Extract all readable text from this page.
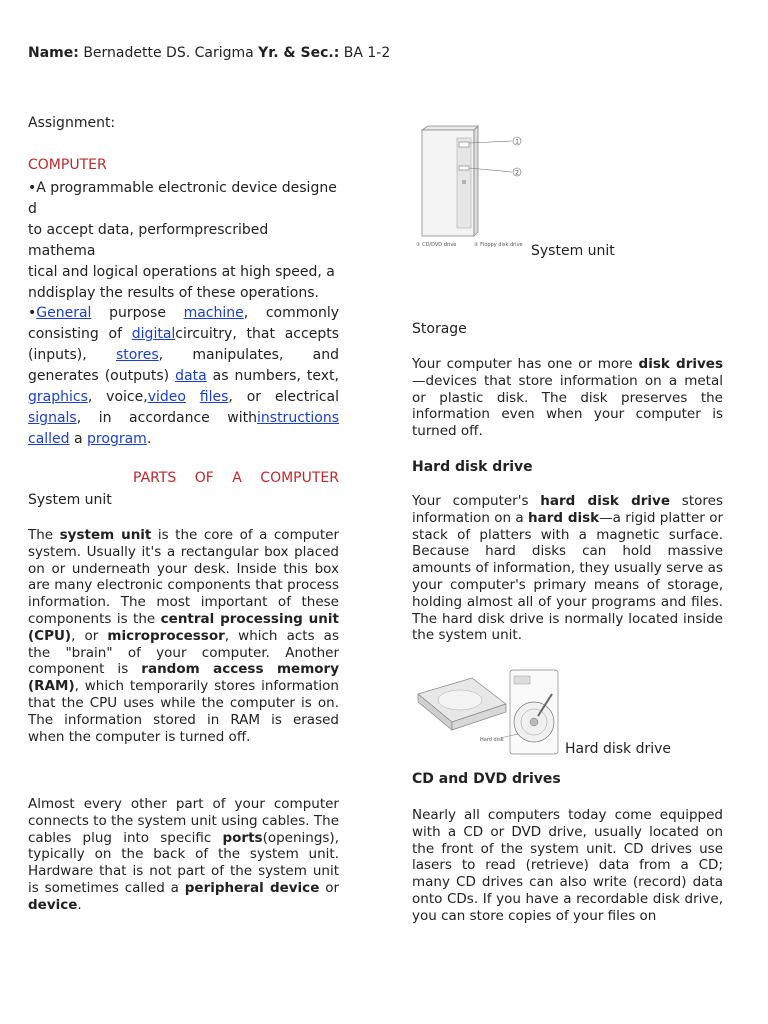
Name: Bernadette DS. Carigma Yr. & Sec.: BA 1-2
Assignment:
COMPUTER
•A programmable electronic device designe
d
to accept data, performprescribed mathema
tical and logical operations at high speed, a
nddisplay the results of these operations.

•General purpose machine, commonly consisting of digitalcircuitry, that accepts (inputs), stores, manipulates, and generates (outputs) data as numbers, text, graphics, voice,video files, or electrical signals, in accordance withinstructions called a program.

PARTS OF A COMPUTER
System unit

The system unit is the core of a computer system. Usually it's a rectangular box placed on or underneath your desk. Inside this box are many electronic components that process information. The most important of these components is the central processing unit (CPU), or microprocessor, which acts as the "brain" of your computer. Another component is random access memory (RAM), which temporarily stores information that the CPU uses while the computer is on. The information stored in RAM is erased when the computer is turned off.

Almost every other part of your computer connects to the system unit using cables. The cables plug into specific ports(openings), typically on the back of the system unit. Hardware that is not part of the system unit is sometimes called a peripheral device or device.

1
2
① CD/DVD drive	② Floppy disk drive System unit
Storage

Your computer has one or more disk drives—devices that store information on a metal or plastic disk. The disk preserves the information even when your computer is turned off.

Hard disk drive

Your computer's hard disk drive stores information on a hard disk—a rigid platter or stack of platters with a magnetic surface. Because hard disks can hold massive amounts of information, they usually serve as your computer's primary means of storage, holding almost all of your programs and files. The hard disk drive is normally located inside the system unit.

Hard disk
Hard disk drive
CD and DVD drives

Nearly all computers today come equipped with a CD or DVD drive, usually located on the front of the system unit. CD drives use lasers to read (retrieve) data from a CD; many CD drives can also write (record) data onto CDs. If you have a recordable disk drive, you can store copies of your files on
